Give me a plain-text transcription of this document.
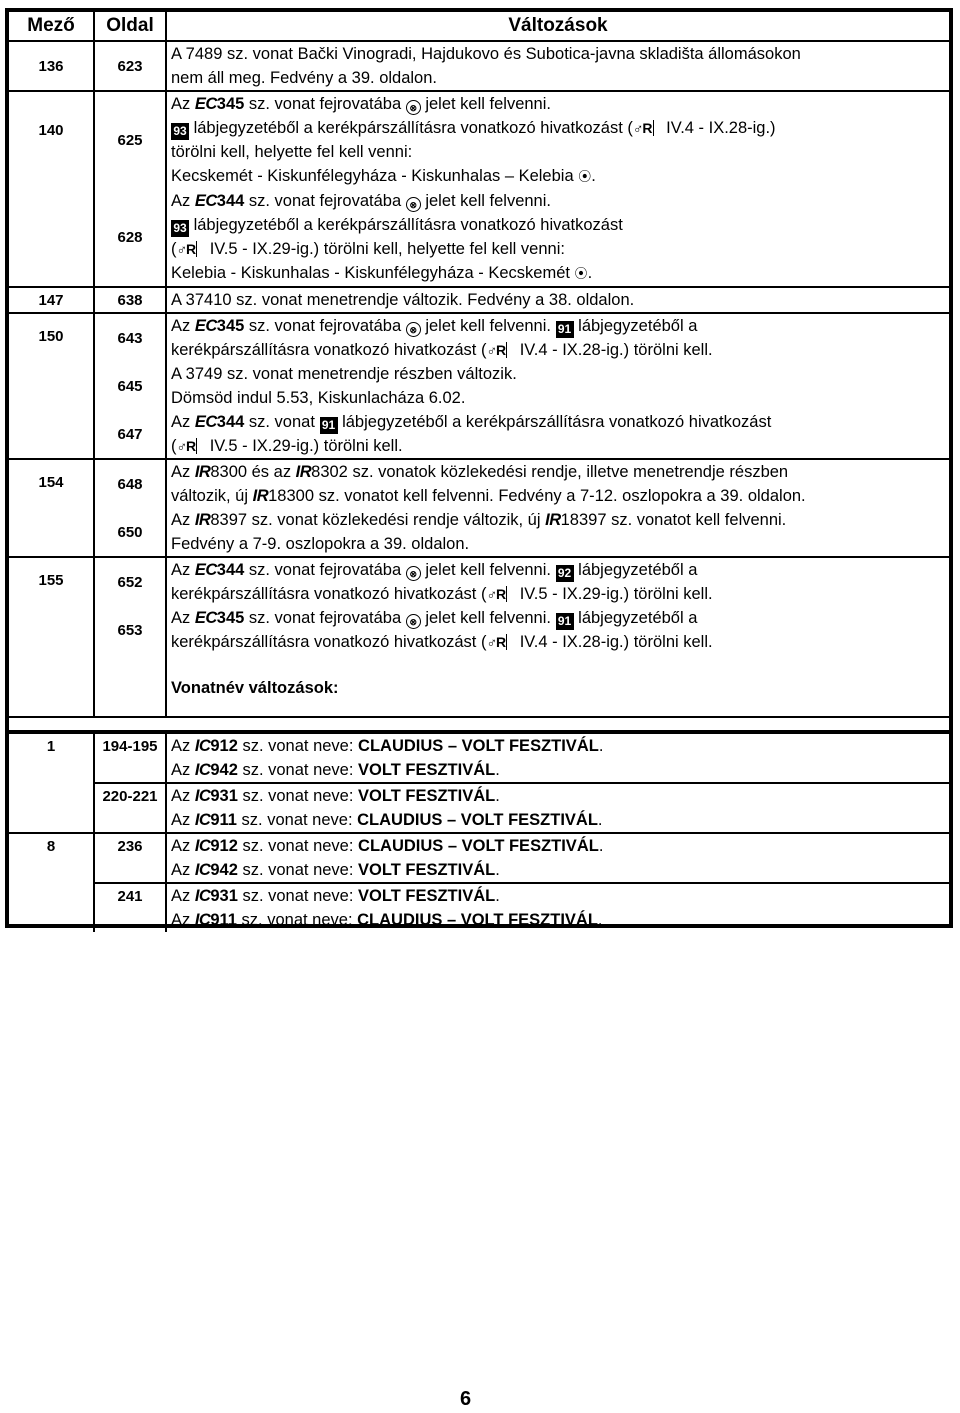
Mező	Oldal	Változások
136	623	A 7489 sz. vonat Bački Vinogradi, Hajdukovo és Subotica-javna skladišta állomásokon
nem áll meg. Fedvény a 39. oldalon.

140	625	Az EC345 sz. vonat fejrovatába ⊗ jelet kell felvenni.
93 lábjegyzetéből a kerékpárszállításra vonatkozó hivatkozást (♂R IV.4 - IX.28-ig.)
törölni kell, helyette fel kell venni:
Kecskemét - Kiskunfélegyháza - Kiskunhalas – Kelebia ⦿.

	628	Az EC344 sz. vonat fejrovatába ⊗ jelet kell felvenni.
93 lábjegyzetéből a kerékpárszállításra vonatkozó hivatkozást
(♂R IV.5 - IX.29-ig.) törölni kell, helyette fel kell venni:
Kelebia - Kiskunhalas - Kiskunfélegyháza - Kecskemét ⦿.

147	638	A 37410 sz. vonat menetrendje változik. Fedvény a 38. oldalon.
150	643	Az EC345 sz. vonat fejrovatába ⊗ jelet kell felvenni. 91 lábjegyzetéből a
kerékpárszállításra vonatkozó hivatkozást (♂R IV.4 - IX.28-ig.) törölni kell.

	645	A 3749 sz. vonat menetrendje részben változik.
Dömsöd indul 5.53, Kiskunlacháza 6.02.

	647	Az EC344 sz. vonat 91 lábjegyzetéből a kerékpárszállításra vonatkozó hivatkozást
(♂R IV.5 - IX.29-ig.) törölni kell.

154	648	Az IR8300 és az IR8302 sz. vonatok közlekedési rendje, illetve menetrendje részben
változik, új IR18300 sz. vonatot kell felvenni. Fedvény a 7-12. oszlopokra a 39. oldalon.

	650	Az IR8397 sz. vonat közlekedési rendje változik, új IR18397 sz. vonatot kell felvenni.
Fedvény a 7-9. oszlopokra a 39. oldalon.

155	652	Az EC344 sz. vonat fejrovatába ⊗ jelet kell felvenni. 92 lábjegyzetéből a
kerékpárszállításra vonatkozó hivatkozást (♂R IV.5 - IX.29-ig.) törölni kell.

	653	Az EC345 sz. vonat fejrovatába ⊗ jelet kell felvenni. 91 lábjegyzetéből a
kerékpárszállításra vonatkozó hivatkozást (♂R IV.4 - IX.28-ig.) törölni kell.

		Vonatnév változások:

1	194-195	Az IC912 sz. vonat neve: CLAUDIUS – VOLT FESZTIVÁL.
		Az IC942 sz. vonat neve: VOLT FESZTIVÁL.
	220-221	Az IC931 sz. vonat neve: VOLT FESZTIVÁL.
		Az IC911 sz. vonat neve: CLAUDIUS – VOLT FESZTIVÁL.
8	236	Az IC912 sz. vonat neve: CLAUDIUS – VOLT FESZTIVÁL.
		Az IC942 sz. vonat neve: VOLT FESZTIVÁL.
	241	Az IC931 sz. vonat neve: VOLT FESZTIVÁL.
		Az IC911 sz. vonat neve: CLAUDIUS – VOLT FESZTIVÁL.
6
